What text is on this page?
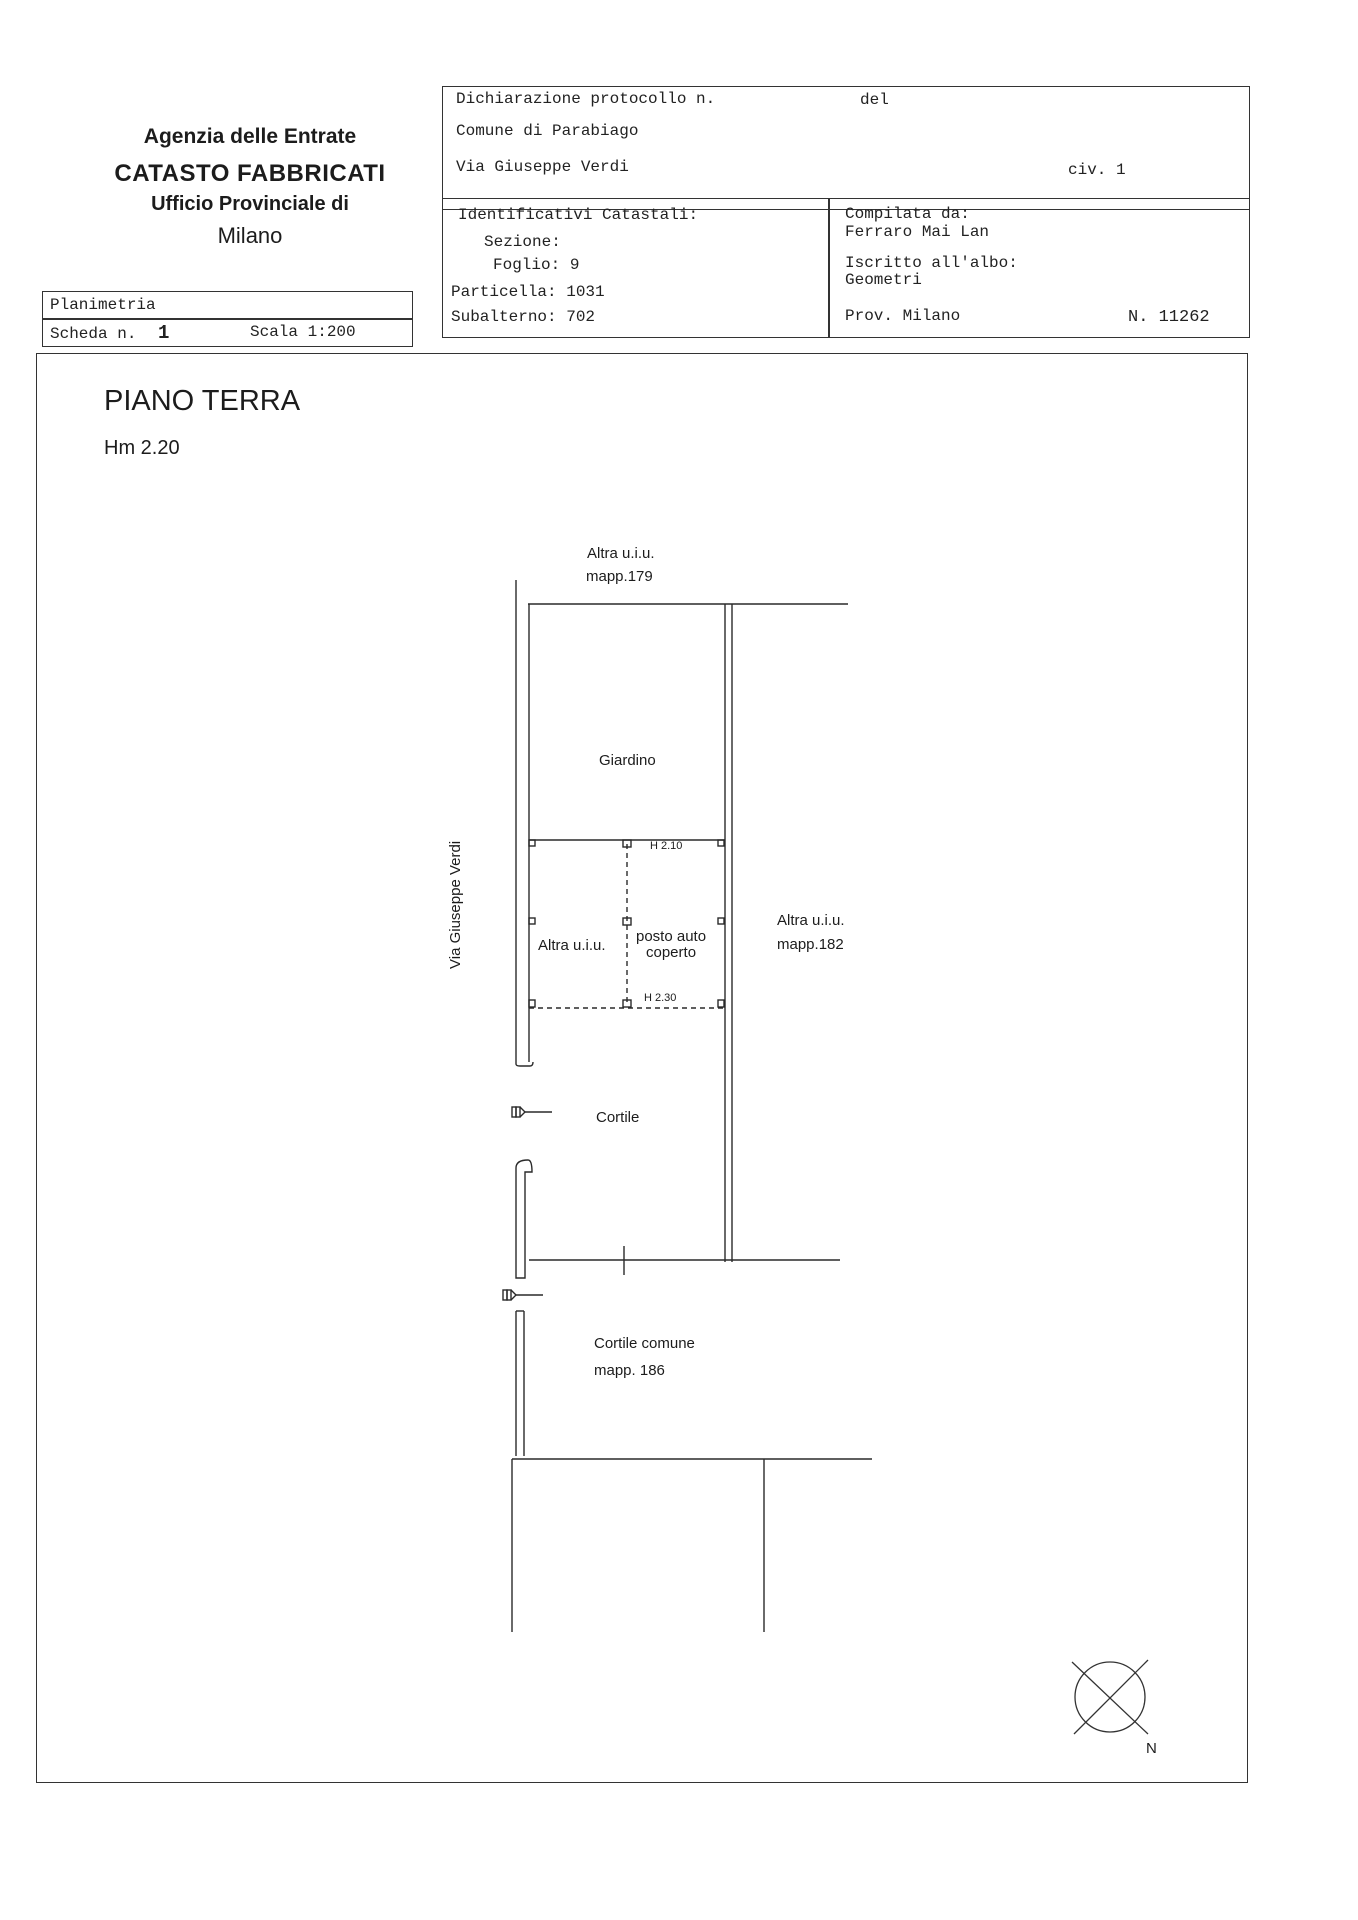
Agenzia delle Entrate
CATASTO FABBRICATI
Ufficio Provinciale di
Milano
Planimetria
Scheda n. 1	Scala 1:200
Dichiarazione protocollo n.	del
Comune di Parabiago
Via Giuseppe Verdi	civ. 1
Identificativi Catastali:
Sezione:
Foglio: 9
Particella: 1031
Subalterno: 702
Compilata da:
Ferraro Mai Lan
Iscritto all'albo:
Geometri
Prov. Milano	N. 11262
PIANO TERRA
Hm 2.20
Altra u.i.u.
mapp.179
Via Giuseppe Verdi
Giardino
H 2.10
H 2.30
Altra u.i.u.
posto auto
coperto
Altra u.i.u.
mapp.182
Cortile
Cortile comune
mapp. 186
N
